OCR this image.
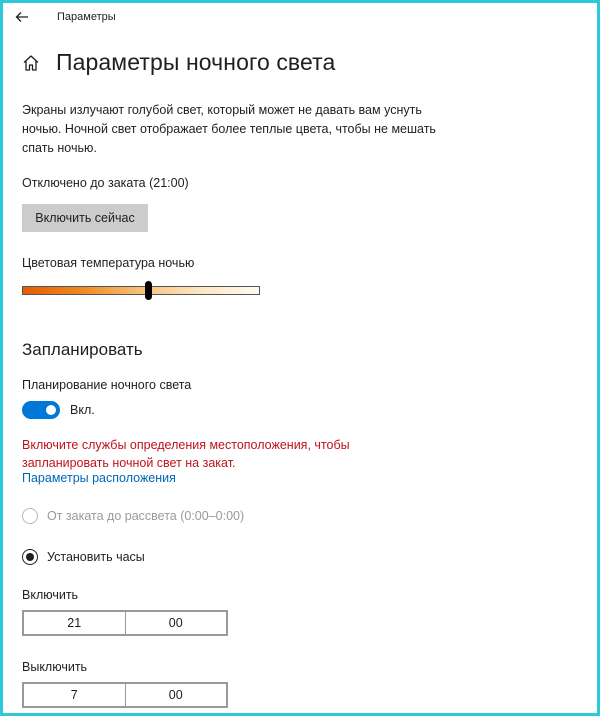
Параметры
Параметры ночного света
Экраны излучают голубой свет, который может не давать вам уснуть ночью. Ночной свет отображает более теплые цвета, чтобы не мешать спать ночью.
Отключено до заката (21:00)
Включить сейчас
Цветовая температура ночью
Запланировать
Планирование ночного света
Вкл.
Включите службы определения местоположения, чтобы запланировать ночной свет на закат.
Параметры расположения
От заката до рассвета (0:00–0:00)
Установить часы
Включить
21	00
Выключить
7	00
